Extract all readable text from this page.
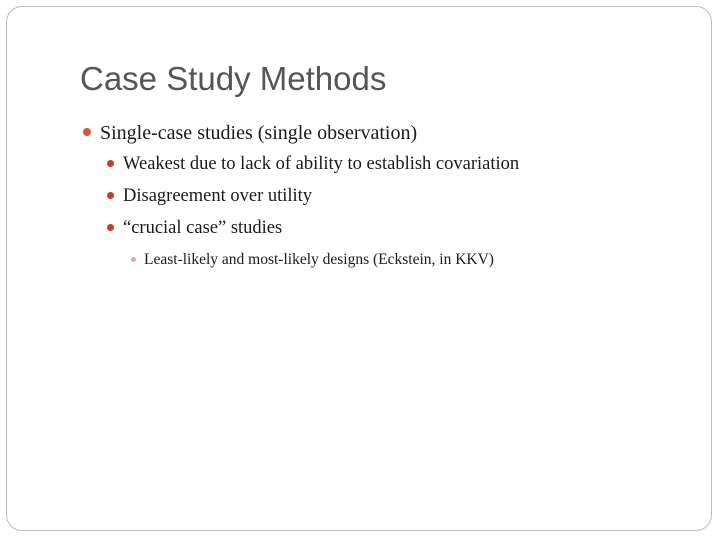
Case Study Methods
Single-case studies (single observation)
Weakest due to lack of ability to establish covariation
Disagreement over utility
“crucial case” studies
Least-likely and most-likely designs (Eckstein, in KKV)
